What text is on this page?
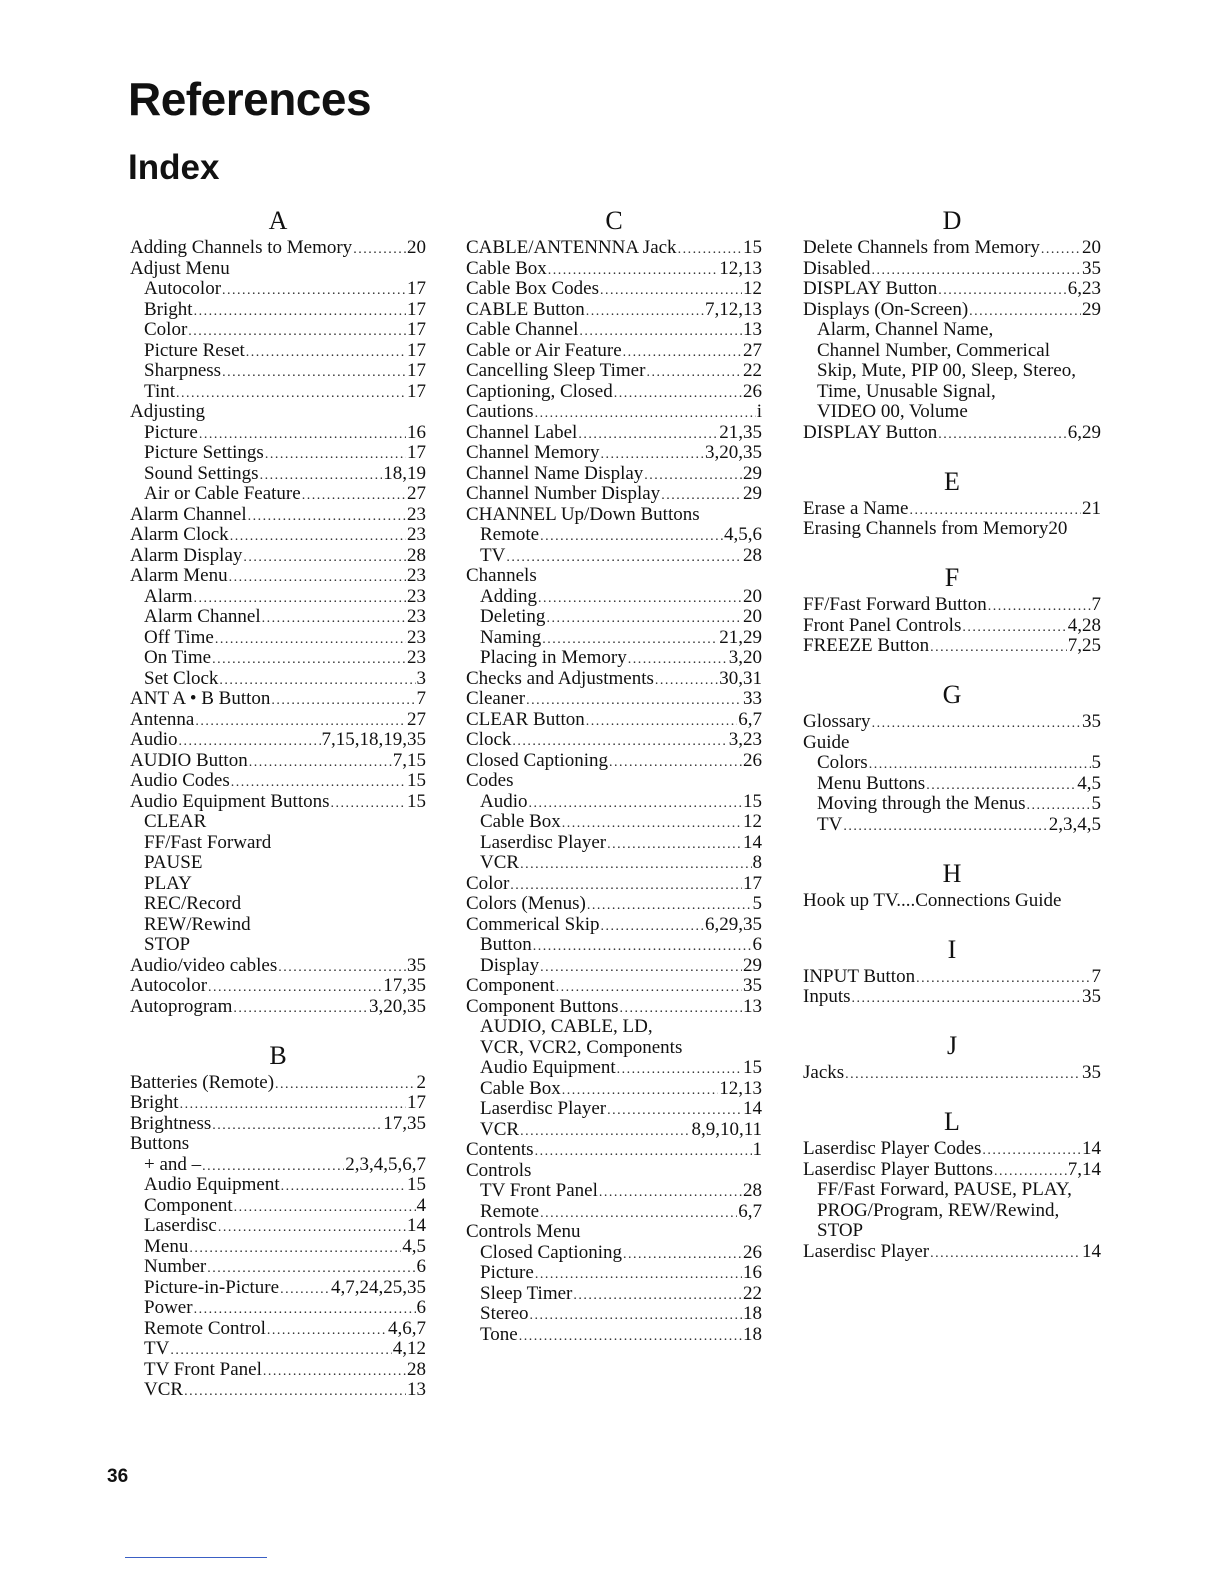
References
Index
A
Adding Channels to Memory .....	20
Adjust Menu
Autocolor .....	17
Bright .....	17
Color .....	17
Picture Reset .....	17
Sharpness .....	17
Tint .....	17
Adjusting
Picture .....	16
Picture Settings .....	17
Sound Settings .....	18,19
Air or Cable Feature .....	27
Alarm Channel .....	23
Alarm Clock .....	23
Alarm Display .....	28
Alarm Menu .....	23
Alarm .....	23
Alarm Channel .....	23
Off Time .....	23
On Time .....	23
Set Clock .....	3
ANT A • B Button .....	7
Antenna .....	27
Audio .....	7,15,18,19,35
AUDIO Button .....	7,15
Audio Codes .....	15
Audio Equipment Buttons .....	15
CLEAR
FF/Fast Forward
PAUSE
PLAY
REC/Record
REW/Rewind
STOP
Audio/video cables .....	35
Autocolor .....	17,35
Autoprogram .....	3,20,35
B
Batteries (Remote) .....	2
Bright .....	17
Brightness .....	17,35
Buttons
+ and – .....	2,3,4,5,6,7
Audio Equipment .....	15
Component .....	4
Laserdisc .....	14
Menu .....	4,5
Number .....	6
Picture-in-Picture .....	4,7,24,25,35
Power .....	6
Remote Control .....	4,6,7
TV .....	4,12
TV Front Panel .....	28
VCR .....	13
C
CABLE/ANTENNNA Jack .....	15
Cable Box .....	12,13
Cable Box Codes .....	12
CABLE Button .....	7,12,13
Cable Channel .....	13
Cable or Air Feature .....	27
Cancelling Sleep Timer .....	22
Captioning, Closed .....	26
Cautions .....	i
Channel Label .....	21,35
Channel Memory .....	3,20,35
Channel Name Display .....	29
Channel Number Display .....	29
CHANNEL Up/Down Buttons
Remote .....	4,5,6
TV .....	28
Channels
Adding .....	20
Deleting .....	20
Naming .....	21,29
Placing in Memory .....	3,20
Checks and Adjustments .....	30,31
Cleaner .....	33
CLEAR Button .....	6,7
Clock .....	3,23
Closed Captioning .....	26
Codes
Audio .....	15
Cable Box .....	12
Laserdisc Player .....	14
VCR .....	8
Color .....	17
Colors (Menus) .....	5
Commerical Skip .....	6,29,35
Button .....	6
Display .....	29
Component .....	35
Component Buttons .....	13
AUDIO, CABLE, LD,
VCR, VCR2, Components
Audio Equipment .....	15
Cable Box .....	12,13
Laserdisc Player .....	14
VCR .....	8,9,10,11
Contents .....	1
Controls
TV Front Panel .....	28
Remote .....	6,7
Controls Menu
Closed Captioning .....	26
Picture .....	16
Sleep Timer .....	22
Stereo .....	18
Tone .....	18
D
Delete Channels from Memory ..... 20
Disabled .....	35
DISPLAY Button .....	6,23
Displays (On-Screen) .....	29
Alarm, Channel Name,
Channel Number, Commerical
Skip, Mute, PIP 00, Sleep, Stereo,
Time, Unusable Signal,
VIDEO 00, Volume
DISPLAY Button .....	6,29
E
Erase a Name .....	21
Erasing Channels from Memory20
F
FF/Fast Forward Button .....	7
Front Panel Controls .....	4,28
FREEZE Button .....	7,25
G
Glossary .....	35
Guide
Colors .....	5
Menu Buttons .....	4,5
Moving through the Menus .....	5
TV .....	2,3,4,5
H
Hook up TV....Connections Guide
I
INPUT Button .....	7
Inputs .....	35
J
Jacks .....	35
L
Laserdisc Player Codes .....	14
Laserdisc Player Buttons .....	7,14
FF/Fast Forward, PAUSE, PLAY,
PROG/Program, REW/Rewind,
STOP
Laserdisc Player .....	14
36
